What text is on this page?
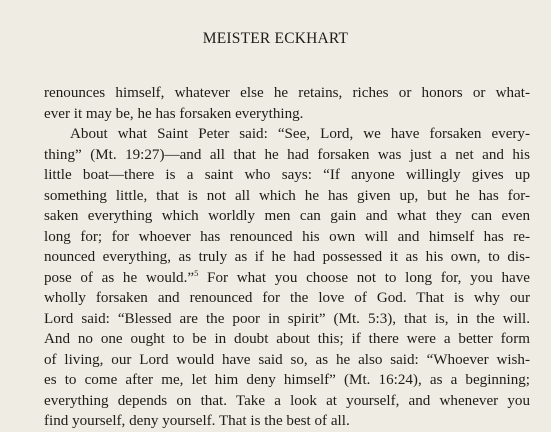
MEISTER ECKHART
renounces himself, whatever else he retains, riches or honors or what-
ever it may be, he has forsaken everything.
About what Saint Peter said: “See, Lord, we have forsaken every-
thing” (Mt. 19:27)—and all that he had forsaken was just a net and his
little boat—there is a saint who says: “If anyone willingly gives up
something little, that is not all which he has given up, but he has for-
saken everything which worldly men can gain and what they can even
long for; for whoever has renounced his own will and himself has re-
nounced everything, as truly as if he had possessed it as his own, to dis-
pose of as he would.”$^5$ For what you choose not to long for, you have
wholly forsaken and renounced for the love of God. That is why our
Lord said: “Blessed are the poor in spirit” (Mt. 5:3), that is, in the will.
And no one ought to be in doubt about this; if there were a better form
of living, our Lord would have said so, as he also said: “Whoever wish-
es to come after me, let him deny himself” (Mt. 16:24), as a beginning;
everything depends on that. Take a look at yourself, and whenever you
find yourself, deny yourself. That is the best of all.
